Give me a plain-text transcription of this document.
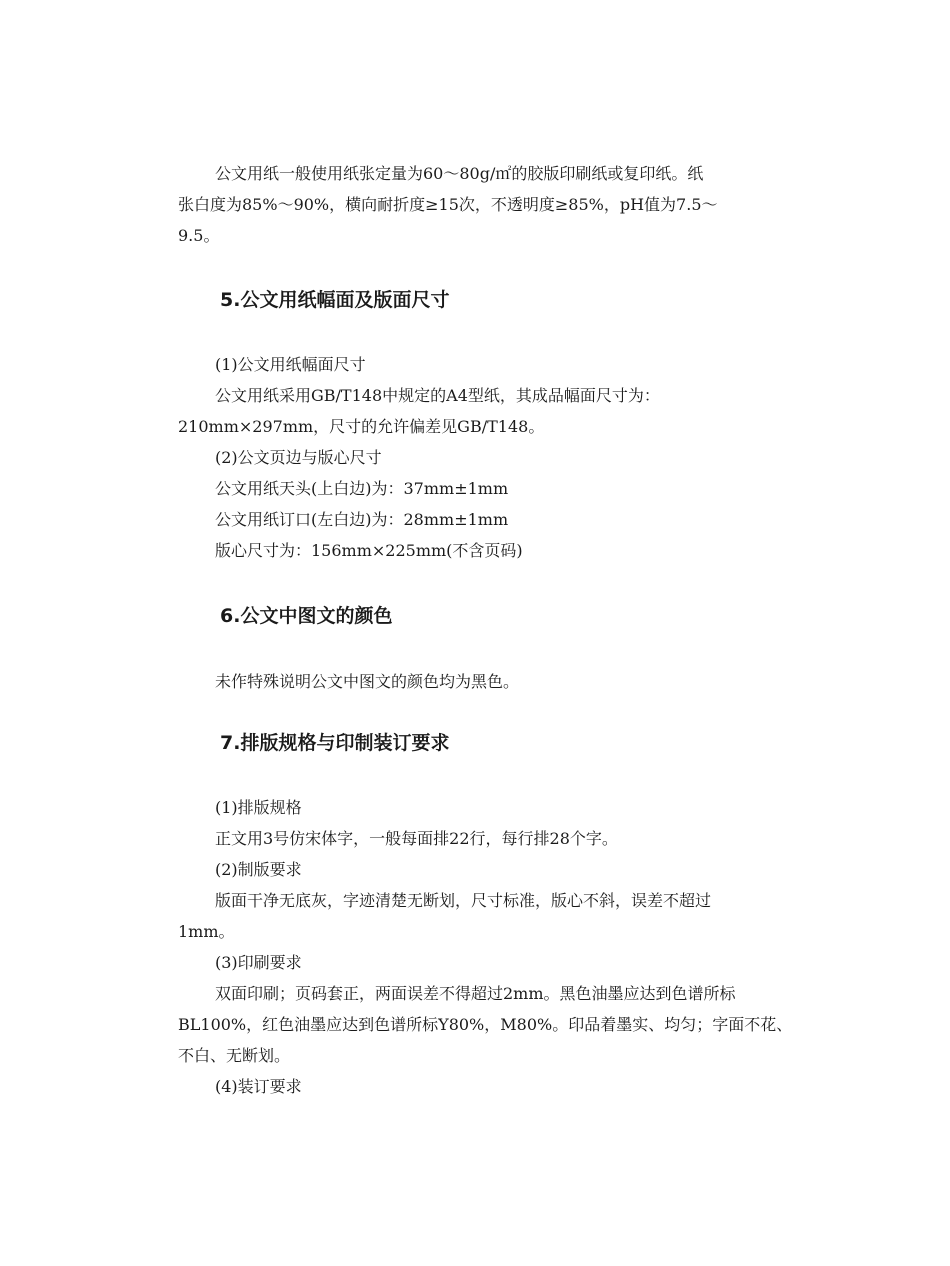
公文用纸一般使用纸张定量为60～80g/㎡的胶版印刷纸或复印纸。纸
张白度为85%～90%，横向耐折度≥15次，不透明度≥85%，pH值为7.5～
9.5。
5.公文用纸幅面及版面尺寸
(1)公文用纸幅面尺寸
公文用纸采用GB/T148中规定的A4型纸，其成品幅面尺寸为：
210mm×297mm，尺寸的允许偏差见GB/T148。
(2)公文页边与版心尺寸
公文用纸天头(上白边)为：37mm±1mm
公文用纸订口(左白边)为：28mm±1mm
版心尺寸为：156mm×225mm(不含页码)
6.公文中图文的颜色
未作特殊说明公文中图文的颜色均为黑色。
7.排版规格与印制装订要求
(1)排版规格
正文用3号仿宋体字，一般每面排22行，每行排28个字。
(2)制版要求
版面干净无底灰，字迹清楚无断划，尺寸标准，版心不斜，误差不超过
1mm。
(3)印刷要求
双面印刷；页码套正，两面误差不得超过2mm。黑色油墨应达到色谱所标
BL100%，红色油墨应达到色谱所标Y80%，M80%。印品着墨实、均匀；字面不花、
不白、无断划。
(4)装订要求
